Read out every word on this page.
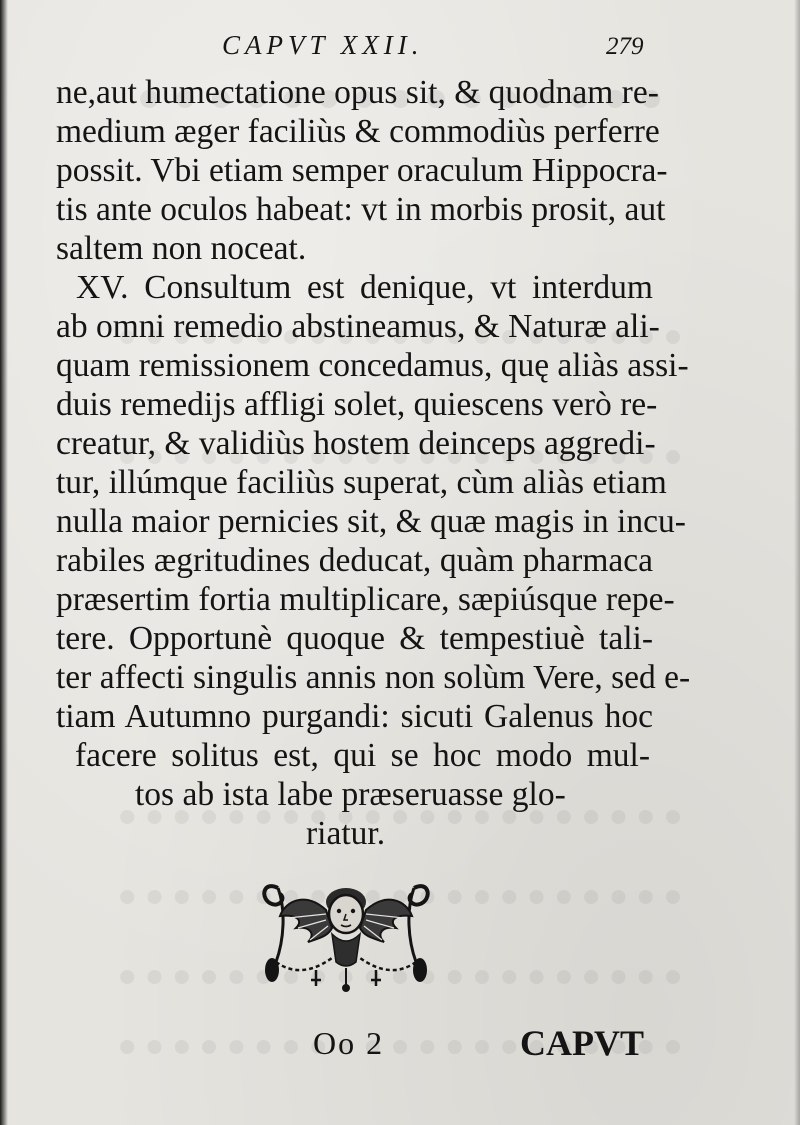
CAPVT XXII.	279
ne,aut humectatione opus sit, & quodnam re-
medium æger faciliùs & commodiùs perferre
possit. Vbi etiam semper oraculum Hippocra-
tis ante oculos habeat: vt in morbis prosit, aut
saltem non noceat.
XV. Consultum est denique, vt interdum
ab omni remedio abstineamus, & Naturæ ali-
quam remissionem concedamus, quę aliàs assi-
duis remedijs affligi solet, quiescens verò re-
creatur, & validiùs hostem deinceps aggredi-
tur, illúmque faciliùs superat, cùm aliàs etiam
nulla maior pernicies sit, & quæ magis in incu-
rabiles ægritudines deducat, quàm pharmaca
præsertim fortia multiplicare, sæpiúsque repe-
tere. Opportunè quoque & tempestiuè tali-
ter affecti singulis annis non solùm Vere, sed e-
tiam Autumno purgandi: sicuti Galenus hoc
facere solitus est, qui se hoc modo mul-
tos ab ista labe præseruasse glo-
riatur.
Oo 2	CAPVT
